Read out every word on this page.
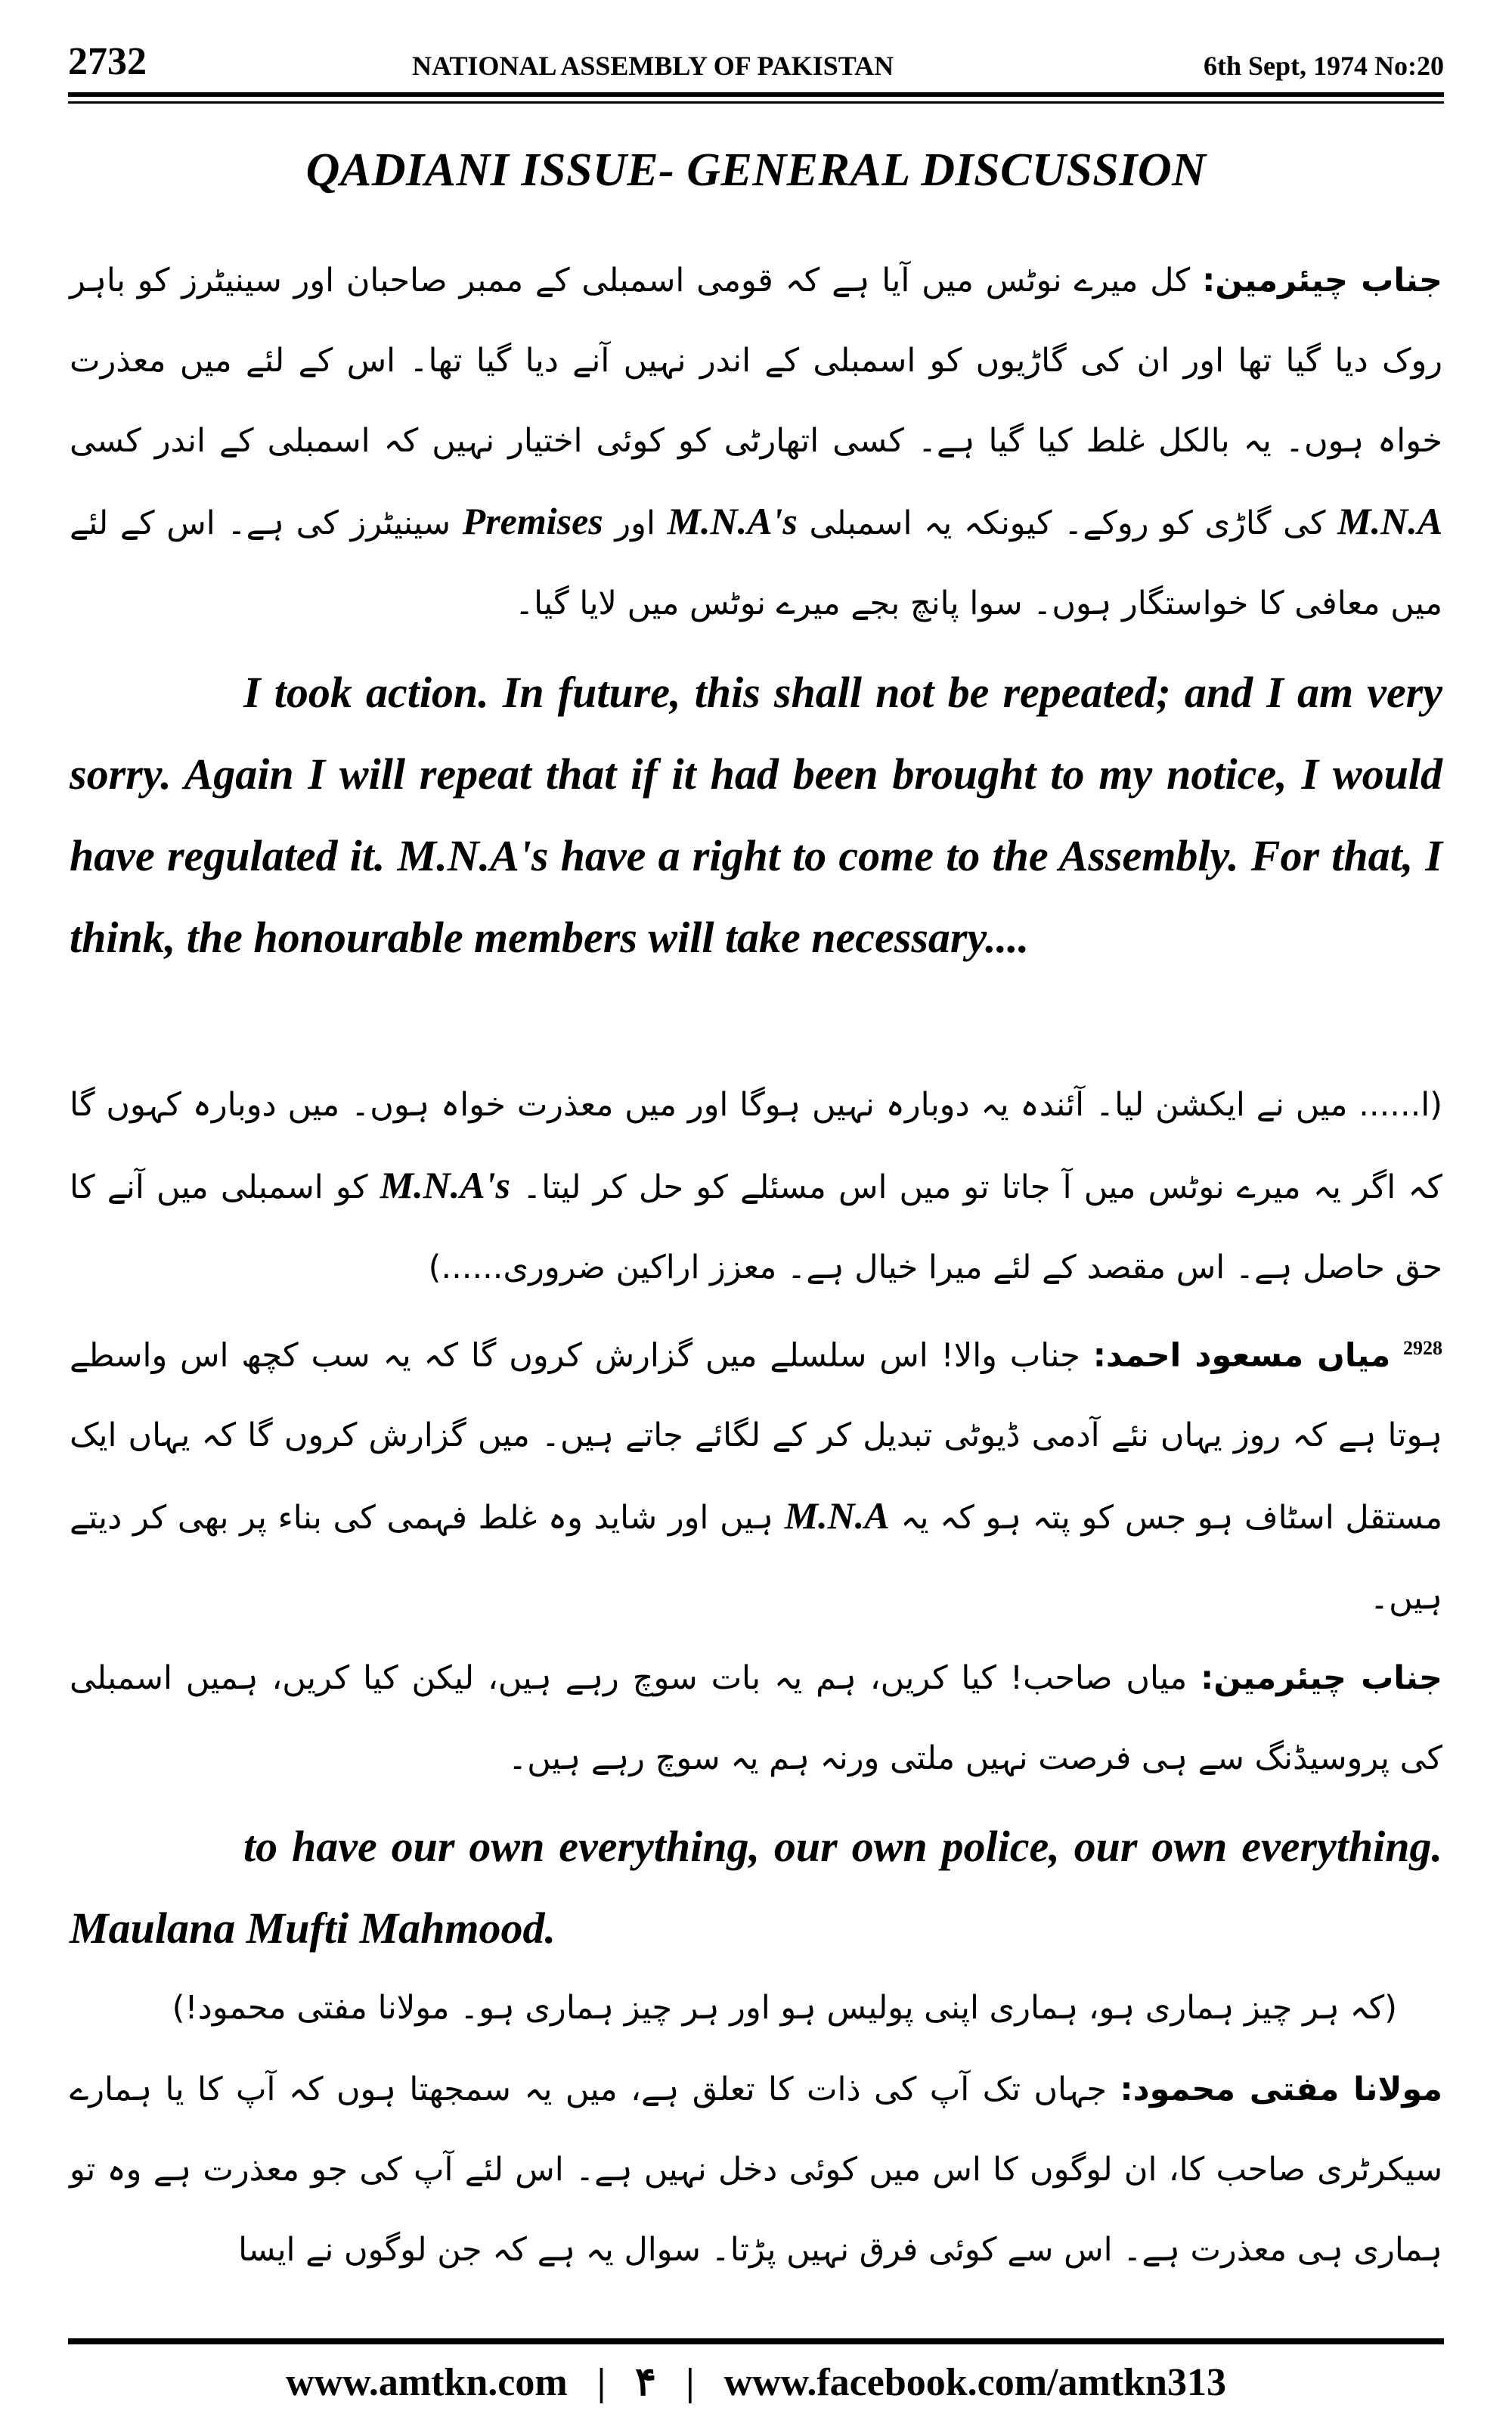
2732	NATIONAL ASSEMBLY OF PAKISTAN	6th Sept, 1974 No:20
QADIANI ISSUE- GENERAL DISCUSSION
جناب چیئرمین: کل میرے نوٹس میں آیا ہے کہ قومی اسمبلی کے ممبر صاحبان اور سینیٹرز کو باہر روک دیا گیا تھا اور ان کی گاڑیوں کو اسمبلی کے اندر نہیں آنے دیا گیا تھا۔ اس کے لئے میں معذرت خواہ ہوں۔ یہ بالکل غلط کیا گیا ہے۔ کسی اتھارٹی کو کوئی اختیار نہیں کہ اسمبلی کے اندر کسی M.N.A کی گاڑی کو روکے۔ کیونکہ یہ اسمبلی M.N.A's اور Premises سینیٹرز کی ہے۔ اس کے لئے میں معافی کا خواستگار ہوں۔ سوا پانچ بجے میرے نوٹس میں لایا گیا۔
I took action. In future, this shall not be repeated; and I am very sorry. Again I will repeat that if it had been brought to my notice, I would have regulated it. M.N.A's have a right to come to the Assembly. For that, I think, the honourable members will take necessary....
(ا...... میں نے ایکشن لیا۔ آئندہ یہ دوبارہ نہیں ہوگا اور میں معذرت خواہ ہوں۔ میں دوبارہ کہوں گا کہ اگر یہ میرے نوٹس میں آ جاتا تو میں اس مسئلے کو حل کر لیتا۔ M.N.A's کو اسمبلی میں آنے کا حق حاصل ہے۔ اس مقصد کے لئے میرا خیال ہے۔ معزز اراکین ضروری......)
$^{2928}$ میاں مسعود احمد: جناب والا! اس سلسلے میں گزارش کروں گا کہ یہ سب کچھ اس واسطے ہوتا ہے کہ روز یہاں نئے آدمی ڈیوٹی تبدیل کر کے لگائے جاتے ہیں۔ میں گزارش کروں گا کہ یہاں ایک مستقل اسٹاف ہو جس کو پتہ ہو کہ یہ M.N.A ہیں اور شاید وہ غلط فہمی کی بناء پر بھی کر دیتے ہیں۔
جناب چیئرمین: میاں صاحب! کیا کریں، ہم یہ بات سوچ رہے ہیں، لیکن کیا کریں، ہمیں اسمبلی کی پروسیڈنگ سے ہی فرصت نہیں ملتی ورنہ ہم یہ سوچ رہے ہیں۔
to have our own everything, our own police, our own everything. Maulana Mufti Mahmood.
(کہ ہر چیز ہماری ہو، ہماری اپنی پولیس ہو اور ہر چیز ہماری ہو۔ مولانا مفتی محمود!)
مولانا مفتی محمود: جہاں تک آپ کی ذات کا تعلق ہے، میں یہ سمجھتا ہوں کہ آپ کا یا ہمارے سیکرٹری صاحب کا، ان لوگوں کا اس میں کوئی دخل نہیں ہے۔ اس لئے آپ کی جو معذرت ہے وہ تو ہماری ہی معذرت ہے۔ اس سے کوئی فرق نہیں پڑتا۔ سوال یہ ہے کہ جن لوگوں نے ایسا
www.amtkn.com | ۴ | www.facebook.com/amtkn313
